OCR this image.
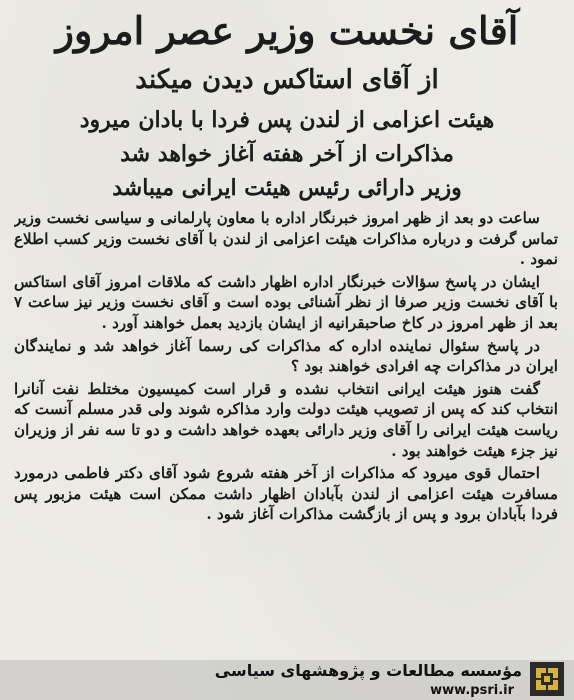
آقای نخست وزیر عصر امروز
از آقای استاکس دیدن میکند
هیئت اعزامی از لندن پس فردا با بادان میرود
مذاکرات از آخر هفته آغاز خواهد شد
وزیر دارائی رئیس هیئت ایرانی میباشد

ساعت دو بعد از ظهر امروز خبرنگار اداره با معاون پارلمانی و سیاسی نخست وزیر تماس گرفت و درباره مذاکرات هیئت اعزامی از لندن با آقای نخست وزیر کسب اطلاع نمود .

ایشان در پاسخ سؤالات خبرنگار اداره اظهار داشت که ملاقات امروز آقای استاکس با آقای نخست وزیر صرفا از نظر آشنائی بوده است و آقای نخست وزیر نیز ساعت ۷ بعد از ظهر امروز در کاخ صاحبقرانیه از ایشان بازدید بعمل خواهند آورد .

در پاسخ سئوال نماینده اداره که مذاکرات کی رسما آغاز خواهد شد و نمایندگان ایران در مذاکرات چه افرادی خواهند بود ؟

گفت هنوز هیئت ایرانی انتخاب نشده و قرار است کمیسیون مختلط نفت آنانرا انتخاب کند که پس از تصویب هیئت دولت وارد مذاکره شوند ولی قدر مسلم آنست که ریاست هیئت ایرانی را آقای وزیر دارائی بعهده خواهد داشت و دو تا سه نفر از وزیران نیز جزء هیئت خواهند بود .

احتمال قوی میرود که مذاکرات از آخر هفته شروع شود آقای دکتر فاطمی درمورد مسافرت هیئت اعزامی از لندن بآبادان اظهار داشت ممکن است هیئت مزبور پس فردا بآبادان برود و پس از بازگشت مذاکرات آغاز شود .

مؤسسه مطالعات و پژوهشهای سیاسی
www.psri.ir
